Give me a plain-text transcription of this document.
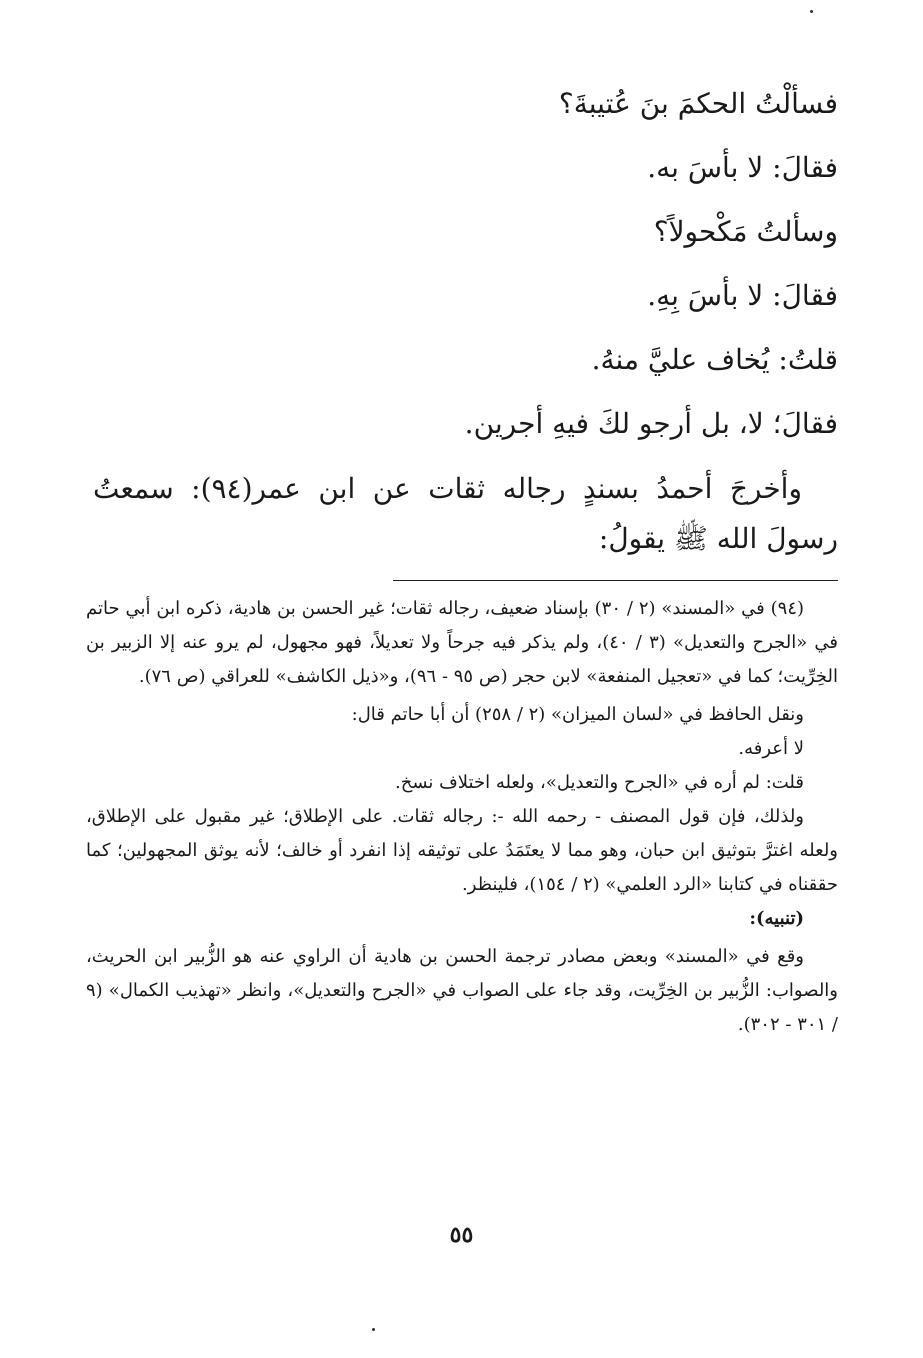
فسألْتُ الحكمَ بنَ عُتيبةَ؟

فقالَ: لا بأسَ به.

وسألتُ مَكْحولاً؟

فقالَ: لا بأسَ بِهِ.

قلتُ: يُخاف عليَّ منهُ.

فقالَ؛ لا، بل أرجو لكَ فيهِ أجرين.

وأخرجَ أحمدُ بسندٍ رجاله ثقات عن ابن عمر(٩٤): سمعتُ رسولَ الله ﷺ يقولُ:

(٩٤) في «المسند» (٢ / ٣٠) بإسناد ضعيف، رجاله ثقات؛ غير الحسن بن هادية، ذكره ابن أبي حاتم في «الجرح والتعديل» (٣ / ٤٠)، ولم يذكر فيه جرحاً ولا تعديلاً، فهو مجهول، لم يرو عنه إلا الزبير بن الخِرِّيت؛ كما في «تعجيل المنفعة» لابن حجر (ص ٩٥ - ٩٦)، و«ذيل الكاشف» للعراقي (ص ٧٦).

ونقل الحافظ في «لسان الميزان» (٢ / ٢٥٨) أن أبا حاتم قال:

لا أعرفه.

قلت: لم أره في «الجرح والتعديل»، ولعله اختلاف نسخ.

ولذلك، فإن قول المصنف - رحمه الله -: رجاله ثقات. على الإطلاق؛ غير مقبول على الإطلاق، ولعله اغترَّ بتوثيق ابن حبان، وهو مما لا يعتَمَدُ على توثيقه إذا انفرد أو خالف؛ لأنه يوثق المجهولين؛ كما حققناه في كتابنا «الرد العلمي» (٢ / ١٥٤)، فلينظر.

(تنبيه):

وقع في «المسند» وبعض مصادر ترجمة الحسن بن هادية أن الراوي عنه هو الزُّبير ابن الحريث، والصواب: الزُّبير بن الخِرِّيت، وقد جاء على الصواب في «الجرح والتعديل»، وانظر «تهذيب الكمال» (٩ / ٣٠١ - ٣٠٢).

٥٥
